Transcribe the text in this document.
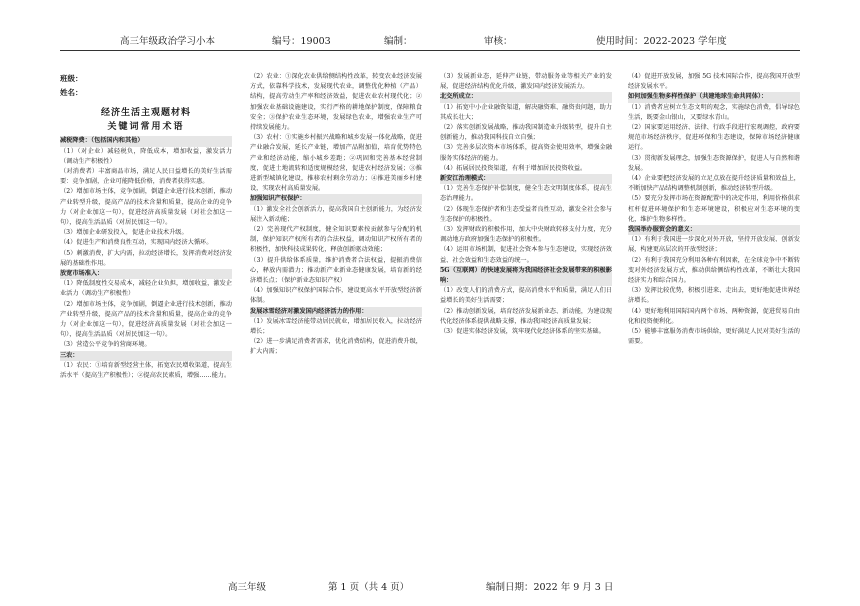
高三年级政治学习小本	编号：19003	编制：	审核：	使用时间：2022-2023 学年度
班级：
姓名：
经济生活主观题材料
关键词常用术语

减税降费：（包括国内和其他）

（1）（对企业）减轻税负，降低成本，增加收益，激发活力（调动生产积极性）

（对消费者）丰富商品市场，满足人民日益增长的美好生活需要：竞争加剧，企业可能降低价格，消费者获得实惠。

（2）增加市场主体，竞争加剧，倒逼企业进行技术创新，推动产业转型升级，提高产品的技术含量和质量，提高企业的竞争力（对企业加这一句），促进经济高质量发展（对社会加这一句），提高生活品质（对居民加这一句）。

（3）增加企业研发投入，促进企业技术升级。

（4）促进生产和消费良性互动，实现国内经济大循环。

（5）刺激消费，扩大内需，拉动经济增长，发挥消费对经济发展的基础性作用。

放宽市场准入：

（1）降低制度性交易成本，减轻企业负担，增加收益，激发企业活力（调动生产积极性）

（2）增加市场主体，竞争加剧，倒逼企业进行技术创新，推动产业转型升级，提高产品的技术含量和质量，提高企业的竞争力（对企业加这一句），促进经济高质量发展（对社会加这一句），提高生活品质（对居民加这一句）。

（3）营造公平竞争的营商环境。

三农：

（1）农民：①培育新型经营主体，拓宽农民增收渠道，提高生活水平（提高生产积极性）；②提高农民素质，增强……能力。

（2）农业：①深化农业供给侧结构性改革，转变农业经济发展方式，依靠科学技术，发展现代农业，调整优化种植（产品）结构，提高劳动生产率和经济效益，促进农业农村现代化；②加强农业基础设施建设，实行严格的耕地保护制度，保障粮食安全；③保护农业生态环境，发展绿色农业，增强农业生产可持续发展能力。

（3）农村：①实施乡村振兴战略和城乡发展一体化战略，促进产业融合发展，延长产业链，增加产品附加值，培育优势特色产业和经济动能，缩小城乡差距；②巩固和完善基本经营制度，促进土地流转和适度规模经营，促进农村经济发展；③推进新型城镇化建设，推移农村剩余劳动力；④推进美丽乡村建设，实现农村高质量发展。

加强知识产权保护：

（1）激发全社会创新活力，提高我国自主创新能力，为经济发展注入新动能；

（2）完善现代产权制度，健全知识要素按贡献参与分配的机制，保护知识产权所有者的合法权益，调动知识产权所有者的积极性，加快科技成果转化，释放创新驱动效能；

（3）提升供给体系质量，维护消费者合法权益，提振消费信心，释放内需潜力；推动新产业新业态健康发展，培育新的经济增长点；（保护新业态知识产权）

（4）加强知识产权保护国际合作，建设更高水平开放型经济新体制。

发展冰雪经济对激发国内经济活力的作用：

（1）发展冰雪经济能带动居民就业，增加居民收入，拉动经济增长；

（2）进一步满足消费者需求，优化消费结构，促进消费升级，扩大内需；

（3）发展新业态，延伸产业链，带动服务业等相关产业的发展，促进经济结构优化升级，激发国内经济发展活力。

北交所成立：

（1）拓宽中小企业融资渠道，解决融资难、融资贵问题，助力其成长壮大；

（2）落实创新发展战略，推动我国制造业升级转型，提升自主创新能力，推动我国科技自立自强；

（3）完善多层次资本市场体系，提高资金使用效率，增强金融服务实体经济的能力。

（4）拓展居民投资渠道，有利于增加居民投资收益。

新安江治理模式：

（1）完善生态保护补偿制度，健全生态文明制度体系，提高生态治理能力。

（2）体现生态保护者和生态受益者良性互动，激发全社会参与生态保护的积极性。

（3）发挥财政的积极作用，加大中央财政转移支付力度，充分调动地方政府加强生态保护的积极性。

（4）运用市场机制，促进社会资本参与生态建设，实现经济效益、社会效益和生态效益的统一。

5G（互联网）的快速发展将为我国经济社会发展带来的积极影响：

（1）改变人们的消费方式，提高消费水平和质量，满足人们日益增长的美好生活需要；

（2）推动创新发展，培育经济发展新业态、新动能，为建设现代化经济体系提供战略支撑，推动我国经济高质量发展；

（3）促进实体经济发展，筑牢现代化经济体系的坚实基础。

（4）促进开放发展，加强 5G 技术国际合作，提高我国开放型经济发展水平。

如何加强生物多样性保护（共建地球生命共同体）：

（1）消费者应树立生态文明的观念，实施绿色消费，倡导绿色生活，既要金山银山，又要绿水青山。

（2）国家要运用经济、法律、行政手段进行宏观调控，政府要规范市场经济秩序，促进环保和生态建设，保障市场经济健康运行。

（3）贯彻新发展理念，加强生态资源保护，促进人与自然和谐发展。

（4）企业要把经济发展的立足点放在提升经济质量和效益上，不断加快产品结构调整机制创新，推动经济转型升级。

（5）要充分发挥市场在资源配置中的决定作用，利用价格供求杠杆促进环境保护和生态环境建设，积极应对生态环境的变化，维护生物多样性。

我国举办服贸会的意义：

（1）有利于我国进一步深化对外开放，坚持开放发展、创新发展，构建更高层次的开放型经济；

（2）有利于我国充分利用各种有利因素，在全球竞争中不断转变对外经济发展方式，推动供给侧结构性改革，不断壮大我国经济实力和综合国力。

（3）发挥比较优势，积极引进来、走出去，更好地促进世界经济增长。

（4）更好地利用国际国内两个市场、两种资源，促进贸易自由化和投资便利化。

（5）能够丰富服务消费市场供给，更好满足人民对美好生活的需要。

高三年级	第 1 页（共 4 页）	编制日期：2022 年 9 月 3 日
